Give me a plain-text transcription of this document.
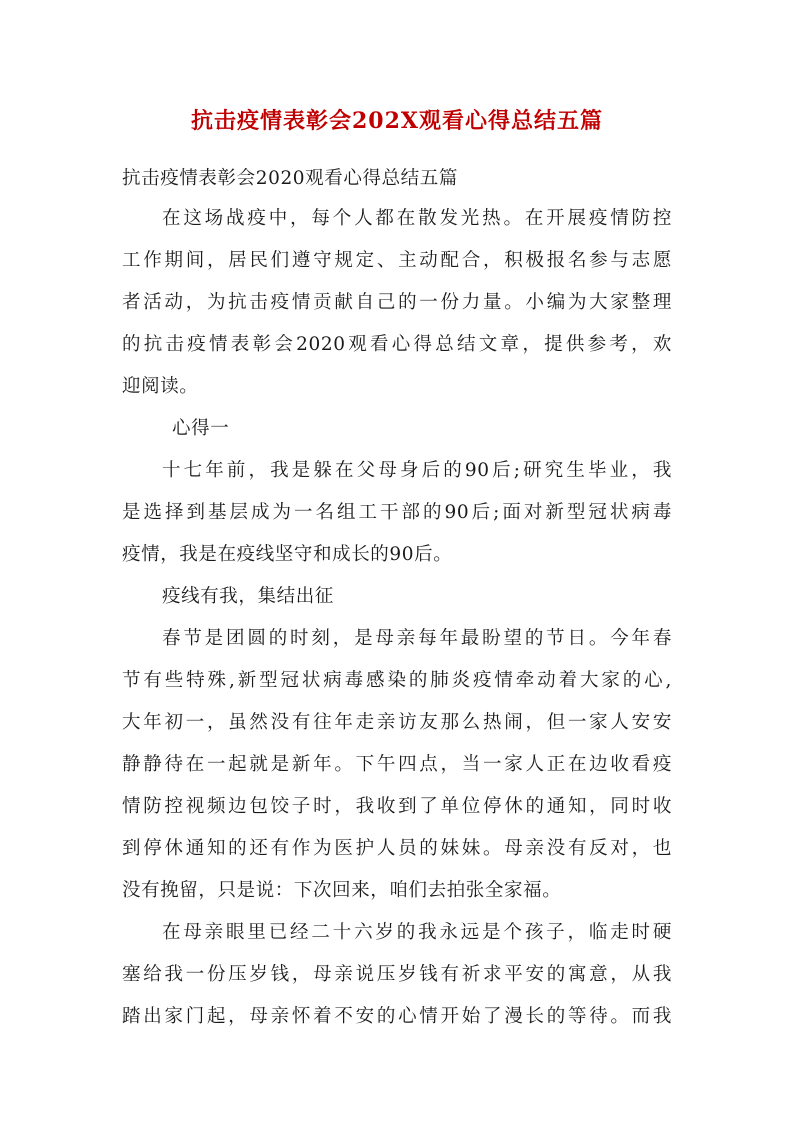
抗击疫情表彰会202X观看心得总结五篇
抗击疫情表彰会2020观看心得总结五篇
在这场战疫中，每个人都在散发光热。在开展疫情防控
工作期间，居民们遵守规定、主动配合，积极报名参与志愿
者活动，为抗击疫情贡献自己的一份力量。小编为大家整理
的抗击疫情表彰会2020观看心得总结文章，提供参考，欢
迎阅读。
心得一
十七年前，我是躲在父母身后的90后;研究生毕业，我
是选择到基层成为一名组工干部的90后;面对新型冠状病毒
疫情，我是在疫线坚守和成长的90后。
疫线有我，集结出征
春节是团圆的时刻，是母亲每年最盼望的节日。今年春
节有些特殊,新型冠状病毒感染的肺炎疫情牵动着大家的心,
大年初一，虽然没有往年走亲访友那么热闹，但一家人安安
静静待在一起就是新年。下午四点，当一家人正在边收看疫
情防控视频边包饺子时，我收到了单位停休的通知，同时收
到停休通知的还有作为医护人员的妹妹。母亲没有反对，也
没有挽留，只是说：下次回来，咱们去拍张全家福。
在母亲眼里已经二十六岁的我永远是个孩子，临走时硬
塞给我一份压岁钱，母亲说压岁钱有祈求平安的寓意，从我
踏出家门起，母亲怀着不安的心情开始了漫长的等待。而我
